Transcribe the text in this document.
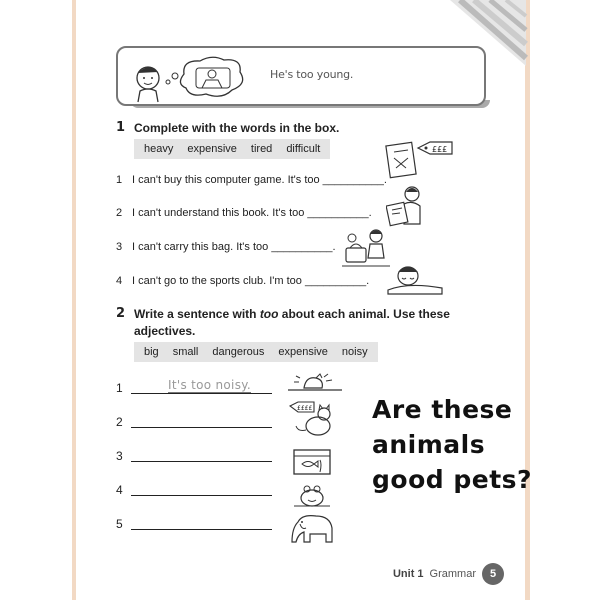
He's too young.
1 Complete with the words in the box.
heavy expensive tired difficult
1 I can't buy this computer game. It's too __________.
2 I can't understand this book. It's too __________.
3 I can't carry this bag. It's too __________.
4 I can't go to the sports club. I'm too __________.
£££
2 Write a sentence with too about each animal. Use these adjectives.
big small dangerous expensive noisy
1	It's too noisy.
2
3
4
5
££££ Are these
animals
good pets?
Unit 1 Grammar	5
